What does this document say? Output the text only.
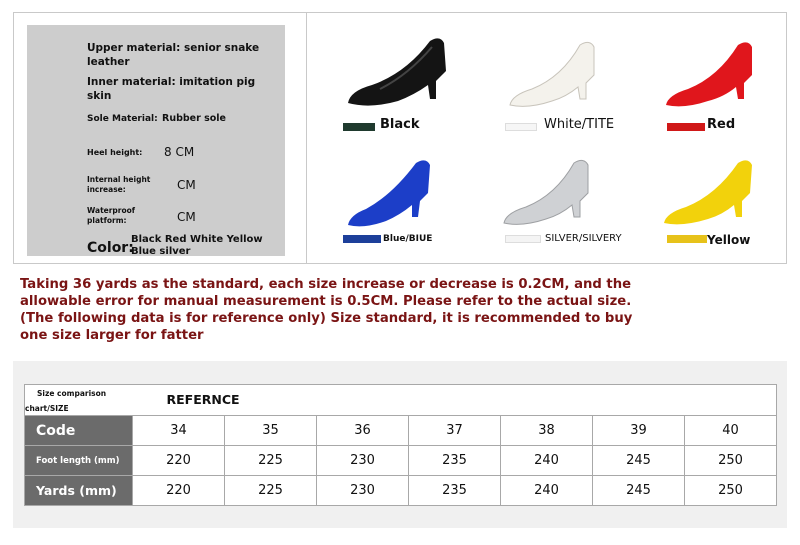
Upper material: senior snake leather
Inner material: imitation pig skin
Sole Material: Rubber sole
Heel height: 8 CM
Internal height increase:	CM
Waterproof platform:	CM
Color:
Black Red White Yellow Blue silver
Black	White/TITE	Red
Blue/BIUE	SILVER/SILVERY	Yellow
Taking 36 yards as the standard, each size increase or decrease is 0.2CM, and the allowable error for manual measurement is 0.5CM. Please refer to the actual size. (The following data is for reference only) Size standard, it is recommended to buy one size larger for fatter
Size comparison chart/SIZE	REFERNCE						
Code	34	35	36	37	38	39	40
Foot length (mm)	220	225	230	235	240	245	250
Yards (mm)	220	225	230	235	240	245	250
